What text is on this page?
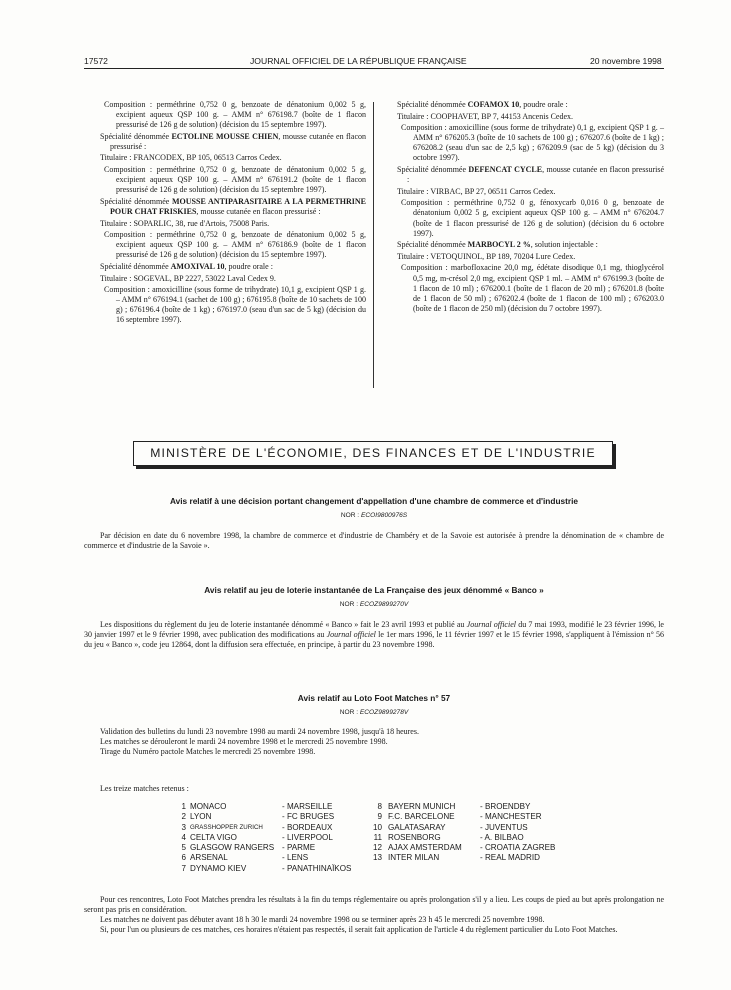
17572	JOURNAL OFFICIEL DE LA RÉPUBLIQUE FRANÇAISE	20 novembre 1998

Composition : perméthrine 0,752 0 g, benzoate de dénatonium 0,002 5 g, excipient aqueux QSP 100 g. – AMM n° 676198.7 (boîte de 1 flacon pressurisé de 126 g de solution) (décision du 15 septembre 1997).

Spécialité dénommée ECTOLINE MOUSSE CHIEN, mousse cutanée en flacon pressurisé :

Titulaire : FRANCODEX, BP 105, 06513 Carros Cedex.

Composition : perméthrine 0,752 0 g, benzoate de dénatonium 0,002 5 g, excipient aqueux QSP 100 g. – AMM n° 676191.2 (boîte de 1 flacon pressurisé de 126 g de solution) (décision du 15 septembre 1997).

Spécialité dénommée MOUSSE ANTIPARASITAIRE A LA PERMETHRINE POUR CHAT FRISKIES, mousse cutanée en flacon pressurisé :

Titulaire : SOPARLIC, 38, rue d'Artois, 75008 Paris.

Composition : perméthrine 0,752 0 g, benzoate de dénatonium 0,002 5 g, excipient aqueux QSP 100 g. – AMM n° 676186.9 (boîte de 1 flacon pressurisé de 126 g de solution) (décision du 15 septembre 1997).

Spécialité dénommée AMOXIVAL 10, poudre orale :

Titulaire : SOGEVAL, BP 2227, 53022 Laval Cedex 9.

Composition : amoxicilline (sous forme de trihydrate) 10,1 g, excipient QSP 1 g. – AMM n° 676194.1 (sachet de 100 g) ; 676195.8 (boîte de 10 sachets de 100 g) ; 676196.4 (boîte de 1 kg) ; 676197.0 (seau d'un sac de 5 kg) (décision du 16 septembre 1997).

Spécialité dénommée COFAMOX 10, poudre orale :

Titulaire : COOPHAVET, BP 7, 44153 Ancenis Cedex.

Composition : amoxicilline (sous forme de trihydrate) 0,1 g, excipient QSP 1 g. – AMM n° 676205.3 (boîte de 10 sachets de 100 g) ; 676207.6 (boîte de 1 kg) ; 676208.2 (seau d'un sac de 2,5 kg) ; 676209.9 (sac de 5 kg) (décision du 3 octobre 1997).

Spécialité dénommée DEFENCAT CYCLE, mousse cutanée en flacon pressurisé :

Titulaire : VIRBAC, BP 27, 06511 Carros Cedex.

Composition : perméthrine 0,752 0 g, fénoxycarb 0,016 0 g, benzoate de dénatonium 0,002 5 g, excipient aqueux QSP 100 g. – AMM n° 676204.7 (boîte de 1 flacon pressurisé de 126 g de solution) (décision du 6 octobre 1997).

Spécialité dénommée MARBOCYL 2 %, solution injectable :

Titulaire : VETOQUINOL, BP 189, 70204 Lure Cedex.

Composition : marbofloxacine 20,0 mg, édétate disodique 0,1 mg, thioglycérol 0,5 mg, m-crésol 2,0 mg, excipient QSP 1 ml. – AMM n° 676199.3 (boîte de 1 flacon de 10 ml) ; 676200.1 (boîte de 1 flacon de 20 ml) ; 676201.8 (boîte de 1 flacon de 50 ml) ; 676202.4 (boîte de 1 flacon de 100 ml) ; 676203.0 (boîte de 1 flacon de 250 ml) (décision du 7 octobre 1997).

MINISTÈRE DE L'ÉCONOMIE, DES FINANCES ET DE L'INDUSTRIE
Avis relatif à une décision portant changement d'appellation d'une chambre de commerce et d'industrie
NOR : ECOI9800976S

Par décision en date du 6 novembre 1998, la chambre de commerce et d'industrie de Chambéry et de la Savoie est autorisée à prendre la dénomination de « chambre de commerce et d'industrie de la Savoie ».

Avis relatif au jeu de loterie instantanée de La Française des jeux dénommé « Banco »
NOR : ECOZ9899270V

Les dispositions du règlement du jeu de loterie instantanée dénommé « Banco » fait le 23 avril 1993 et publié au Journal officiel du 7 mai 1993, modifié le 23 février 1996, le 30 janvier 1997 et le 9 février 1998, avec publication des modifications au Journal officiel le 1er mars 1996, le 11 février 1997 et le 15 février 1998, s'appliquent à l'émission n° 56 du jeu « Banco », code jeu 12864, dont la diffusion sera effectuée, en principe, à partir du 23 novembre 1998.

Avis relatif au Loto Foot Matches n° 57
NOR : ECOZ9899278V

Validation des bulletins du lundi 23 novembre 1998 au mardi 24 novembre 1998, jusqu'à 18 heures.

Les matches se dérouleront le mardi 24 novembre 1998 et le mercredi 25 novembre 1998.

Tirage du Numéro pactole Matches le mercredi 25 novembre 1998.

Les treize matches retenus :

1
2
3
4
5
6
7
MONACO
LYON
GRASSHOPPER ZURICH
CELTA VIGO
GLASGOW RANGERS
ARSENAL
DYNAMO KIEV
- MARSEILLE
- FC BRUGES
- BORDEAUX
- LIVERPOOL
- PARME
- LENS
- PANATHINAÏKOS
8
9
10
11
12
13
BAYERN MUNICH
F.C. BARCELONE
GALATASARAY
ROSENBORG
AJAX AMSTERDAM
INTER MILAN
- BROENDBY
- MANCHESTER
- JUVENTUS
- A. BILBAO
- CROATIA ZAGREB
- REAL MADRID

Pour ces rencontres, Loto Foot Matches prendra les résultats à la fin du temps réglementaire ou après prolongation s'il y a lieu. Les coups de pied au but après prolongation ne seront pas pris en considération.

Les matches ne doivent pas débuter avant 18 h 30 le mardi 24 novembre 1998 ou se terminer après 23 h 45 le mercredi 25 novembre 1998.

Si, pour l'un ou plusieurs de ces matches, ces horaires n'étaient pas respectés, il serait fait application de l'article 4 du règlement particulier du Loto Foot Matches.
